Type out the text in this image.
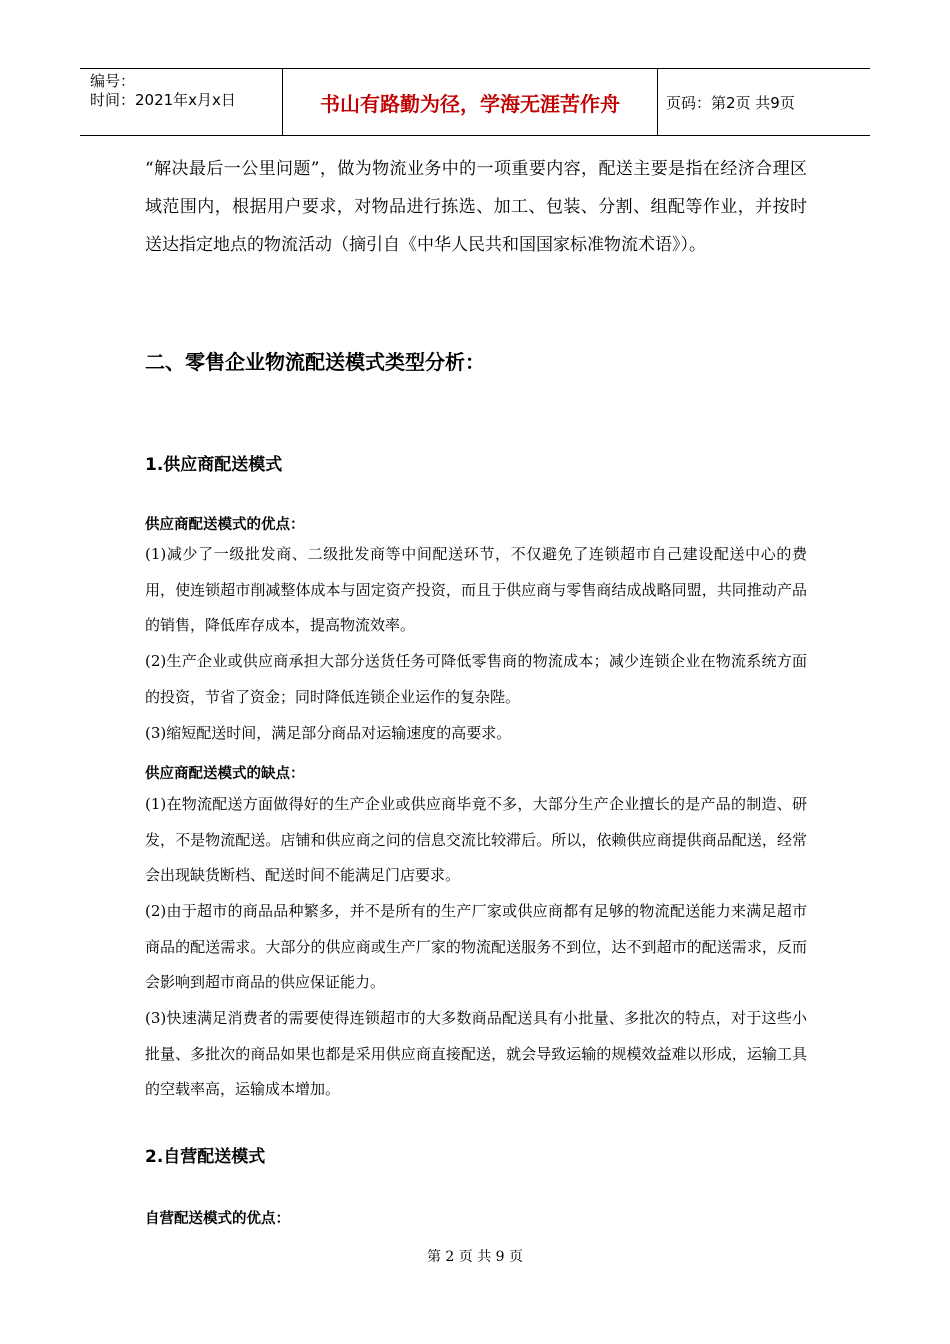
编号：
时间：2021年x月x日	书山有路勤为径，学海无涯苦作舟	页码：第2页 共9页

“解决最后一公里问题”，做为物流业务中的一项重要内容，配送主要是指在经济合理区域范围内，根据用户要求，对物品进行拣选、加工、包装、分割、组配等作业，并按时送达指定地点的物流活动（摘引自《中华人民共和国国家标准物流术语》）。

二、零售企业物流配送模式类型分析：
1.供应商配送模式
供应商配送模式的优点：

(1)减少了一级批发商、二级批发商等中间配送环节，不仅避免了连锁超市自己建设配送中心的费用，使连锁超市削减整体成本与固定资产投资，而且于供应商与零售商结成战略同盟，共同推动产品的销售，降低库存成本，提高物流效率。

(2)生产企业或供应商承担大部分送货任务可降低零售商的物流成本；减少连锁企业在物流系统方面的投资，节省了资金；同时降低连锁企业运作的复杂陛。

(3)缩短配送时间，满足部分商品对运输速度的高要求。

供应商配送模式的缺点：

(1)在物流配送方面做得好的生产企业或供应商毕竟不多，大部分生产企业擅长的是产品的制造、研发，不是物流配送。店铺和供应商之问的信息交流比较滞后。所以，依赖供应商提供商品配送，经常会出现缺货断档、配送时间不能满足门店要求。

(2)由于超市的商品品种繁多，并不是所有的生产厂家或供应商都有足够的物流配送能力来满足超市商品的配送需求。大部分的供应商或生产厂家的物流配送服务不到位，达不到超市的配送需求，反而会影响到超市商品的供应保证能力。

(3)快速满足消费者的需要使得连锁超市的大多数商品配送具有小批量、多批次的特点，对于这些小批量、多批次的商品如果也都是采用供应商直接配送，就会导致运输的规模效益难以形成，运输工具的空载率高，运输成本增加。

2.自营配送模式
自营配送模式的优点：
第 2 页 共 9 页
